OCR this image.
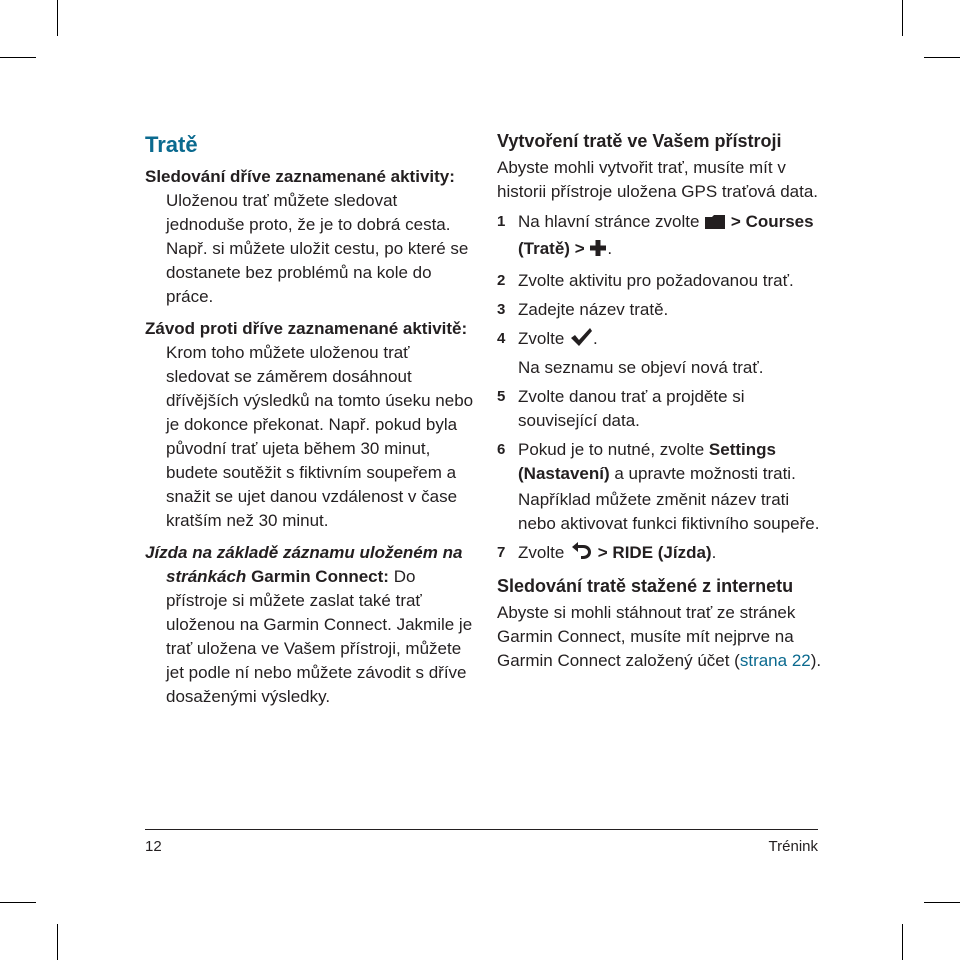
Tratě

Sledování dříve zaznamenané aktivity: Uloženou trať můžete sledovat jednoduše proto, že je to dobrá cesta. Např. si můžete uložit cestu, po které se dostanete bez problémů na kole do práce.

Závod proti dříve zaznamenané aktivitě: Krom toho můžete uloženou trať sledovat se záměrem dosáhnout dřívějších výsledků na tomto úseku nebo je dokonce překonat. Např. pokud byla původní trať ujeta během 30 minut, budete soutěžit s fiktivním soupeřem a snažit se ujet danou vzdálenost v čase kratším než 30 minut.

Jízda na základě záznamu uloženém na stránkách Garmin Connect: Do přístroje si můžete zaslat také trať uloženou na Garmin Connect. Jakmile je trať uložena ve Vašem přístroji, můžete jet podle ní nebo můžete závodit s dříve dosaženými výsledky.

Vytvoření tratě ve Vašem přístroji

Abyste mohli vytvořit trať, musíte mít v historii přístroje uložena GPS traťová data.

1 Na hlavní stránce zvolte > Courses (Tratě) > .
2 Zvolte aktivitu pro požadovanou trať.
3 Zadejte název tratě.
4 Zvolte .

Na seznamu se objeví nová trať.

5 Zvolte danou trať a projděte si související data.
6 Pokud je to nutné, zvolte Settings (Nastavení) a upravte možnosti trati.

Například můžete změnit název trati nebo aktivovat funkci fiktivního soupeře.

7 Zvolte > RIDE (Jízda).
Sledování tratě stažené z internetu

Abyste si mohli stáhnout trať ze stránek Garmin Connect, musíte mít nejprve na Garmin Connect založený účet (strana 22).

12	Trénink
